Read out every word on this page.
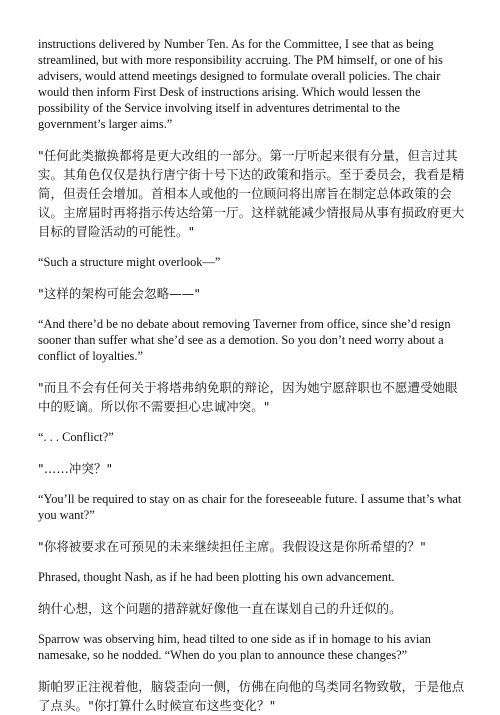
instructions delivered by Number Ten. As for the Committee, I see that as being streamlined, but with more responsibility accruing. The PM himself, or one of his advisers, would attend meetings designed to formulate overall policies. The chair would then inform First Desk of instructions arising. Which would lessen the possibility of the Service involving itself in adventures detrimental to the government’s larger aims.”

"任何此类撤换都将是更大改组的一部分。第一厅听起来很有分量，但言过其实。其角色仅仅是执行唐宁街十号下达的政策和指示。至于委员会，我看是精简，但责任会增加。首相本人或他的一位顾问将出席旨在制定总体政策的会议。主席届时再将指示传达给第一厅。这样就能减少情报局从事有损政府更大目标的冒险活动的可能性。"

“Such a structure might overlook—”

"这样的架构可能会忽略——"

“And there’d be no debate about removing Taverner from office, since she’d resign sooner than suffer what she’d see as a demotion. So you don’t need worry about a conflict of loyalties.”

"而且不会有任何关于将塔弗纳免职的辩论，因为她宁愿辞职也不愿遭受她眼中的贬谪。所以你不需要担心忠诚冲突。"

“. . . Conflict?”

"……冲突？"

“You’ll be required to stay on as chair for the foreseeable future. I assume that’s what you want?”

"你将被要求在可预见的未来继续担任主席。我假设这是你所希望的？"

Phrased, thought Nash, as if he had been plotting his own advancement.

纳什心想，这个问题的措辞就好像他一直在谋划自己的升迁似的。

Sparrow was observing him, head tilted to one side as if in homage to his avian namesake, so he nodded. “When do you plan to announce these changes?”

斯帕罗正注视着他，脑袋歪向一侧，仿佛在向他的鸟类同名物致敬，于是他点了点头。"你打算什么时候宣布这些变化？"
